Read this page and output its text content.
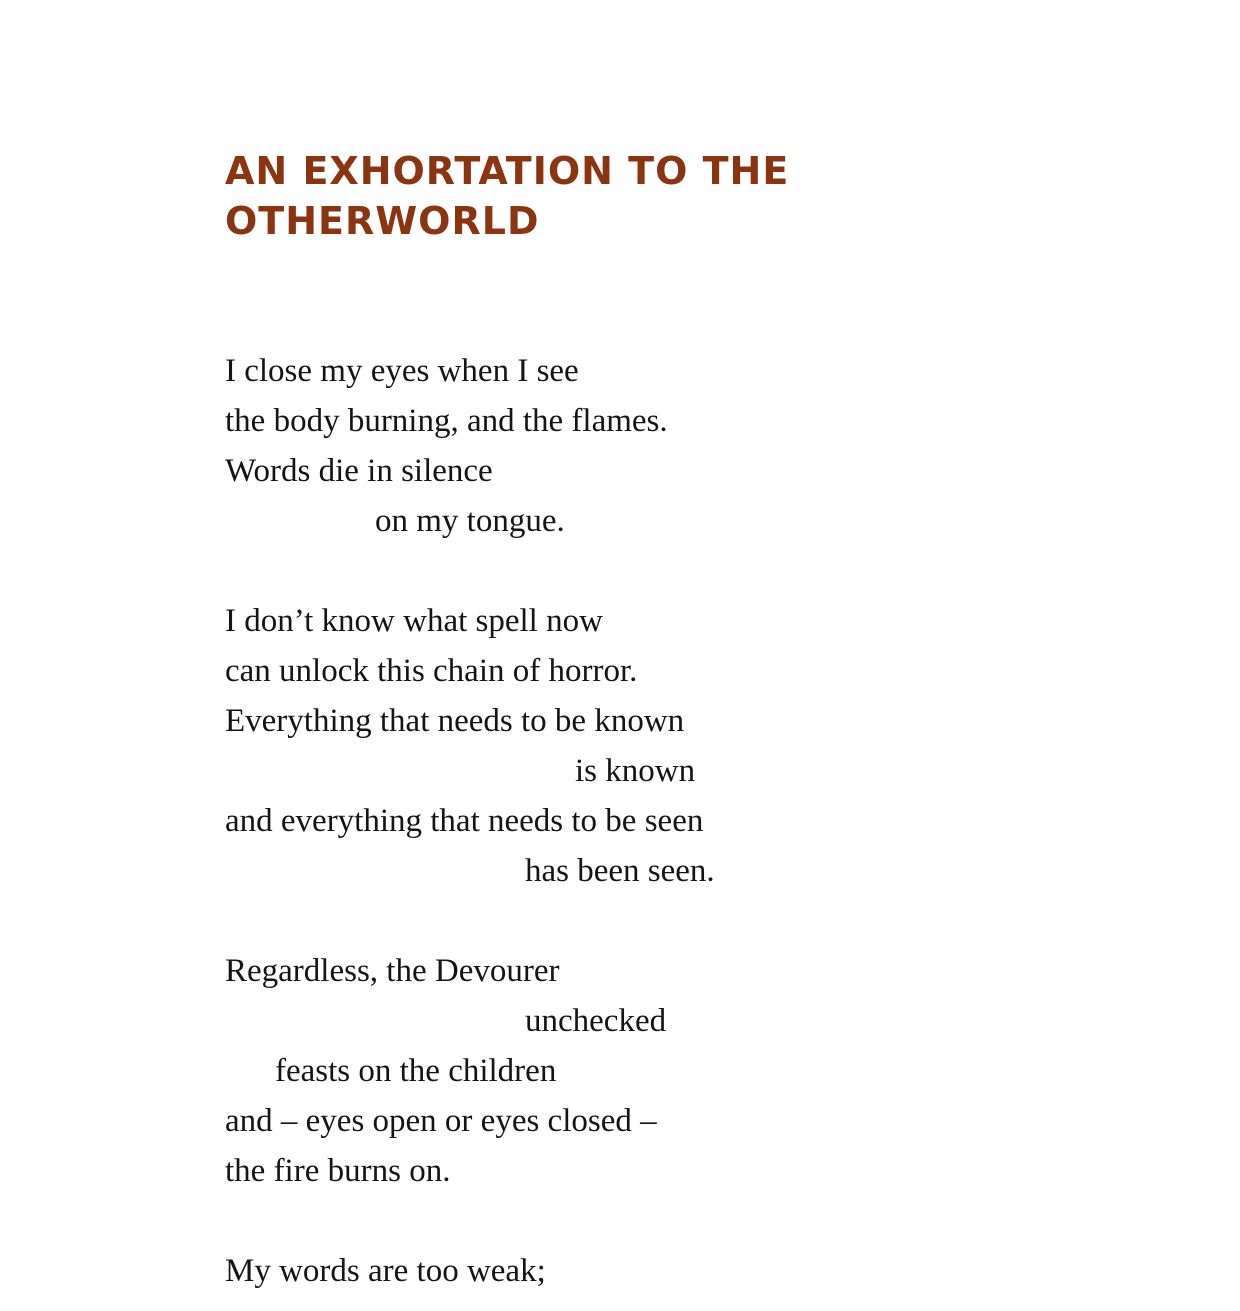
AN EXHORTATION TO THE
OTHERWORLD
I close my eyes when I see
the body burning, and the flames.
Words die in silence
on my tongue.
I don’t know what spell now
can unlock this chain of horror.
Everything that needs to be known
is known
and everything that needs to be seen
has been seen.
Regardless, the Devourer
unchecked
feasts on the children
and – eyes open or eyes closed –
the fire burns on.
My words are too weak;
